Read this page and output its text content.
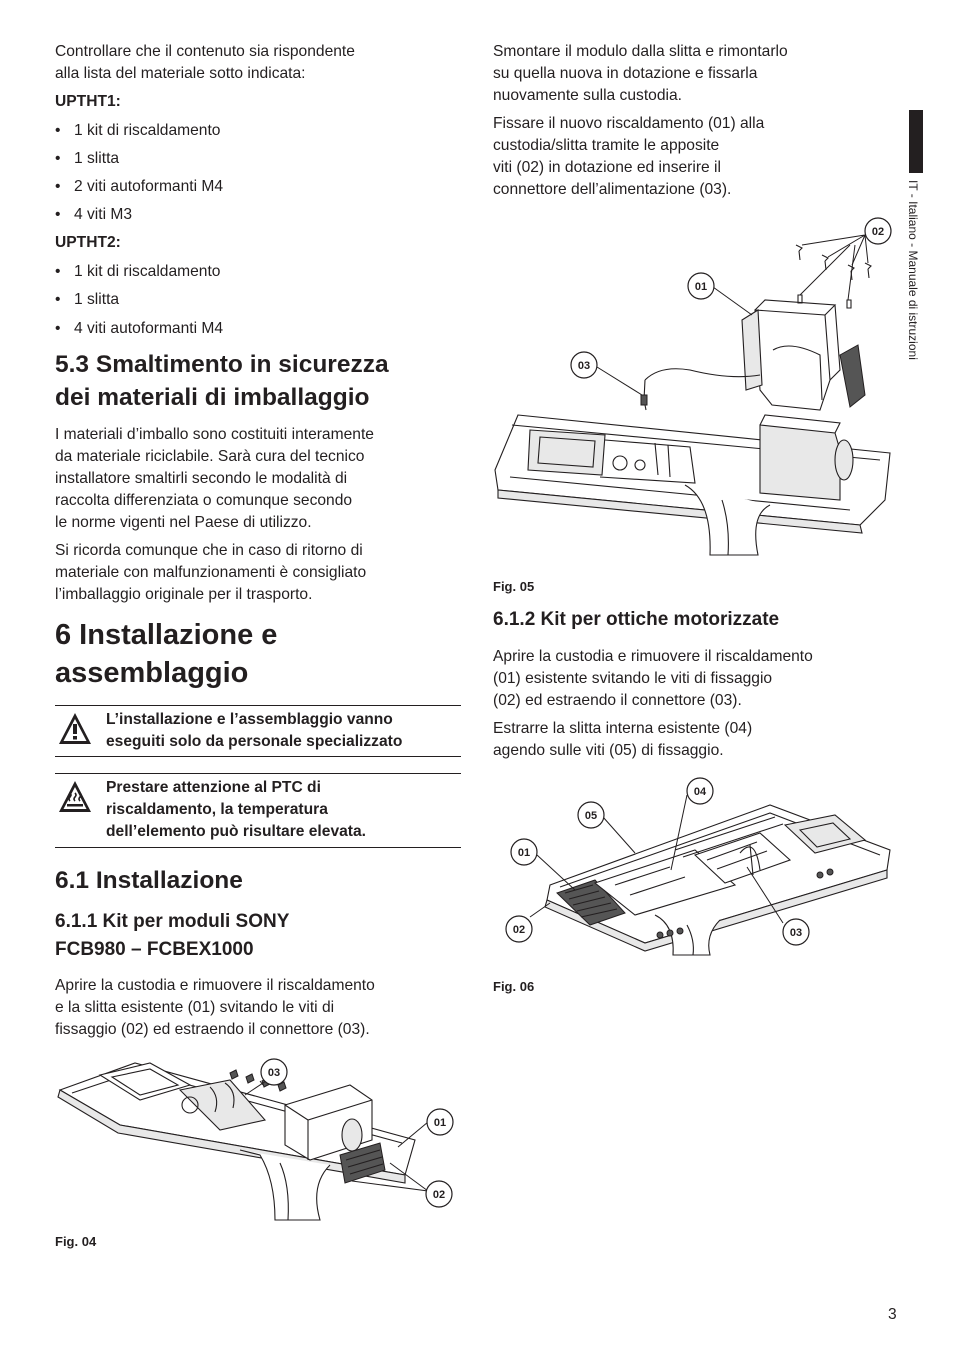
Controllare che il contenuto sia rispondente
alla lista del materiale sotto indicata:

UPTHT1:

• 1 kit di riscaldamento
• 1 slitta
• 2 viti autoformanti M4
• 4 viti M3

UPTHT2:

• 1 kit di riscaldamento
• 1 slitta
• 4 viti autoformanti M4
5.3 Smaltimento in sicurezza
dei materiali di imballaggio

I materiali d’imballo sono costituiti interamente
da materiale riciclabile. Sarà cura del tecnico
installatore smaltirli secondo le modalità di
raccolta differenziata o comunque secondo
le norme vigenti nel Paese di utilizzo.

Si ricorda comunque che in caso di ritorno di
materiale con malfunzionamenti è consigliato
l’imballaggio originale per il trasporto.

6 Installazione e
assemblaggio
L’installazione e l’assemblaggio vanno
eseguiti solo da personale specializzato
Prestare attenzione al PTC di
riscaldamento, la temperatura
dell’elemento può risultare elevata.
6.1 Installazione
6.1.1 Kit per moduli SONY
FCB980 – FCBEX1000

Aprire la custodia e rimuovere il riscaldamento
e la slitta esistente (01) svitando le viti di
fissaggio (02) ed estraendo il connettore (03).

03
01
02
Fig. 04

Smontare il modulo dalla slitta e rimontarlo
su quella nuova in dotazione e fissarla
nuovamente sulla custodia.

Fissare il nuovo riscaldamento (01) alla
custodia/slitta tramite le apposite
viti (02) in dotazione ed inserire il
connettore dell’alimentazione (03).

02
01
03
Fig. 05
6.1.2 Kit per ottiche motorizzate

Aprire la custodia e rimuovere il riscaldamento
(01) esistente svitando le viti di fissaggio
(02) ed estraendo il connettore (03).

Estrarre la slitta interna esistente (04)
agendo sulle viti (05) di fissaggio.

04
05
01
02	03
Fig. 06
IT - Italiano - Manuale di istruzioni
3
